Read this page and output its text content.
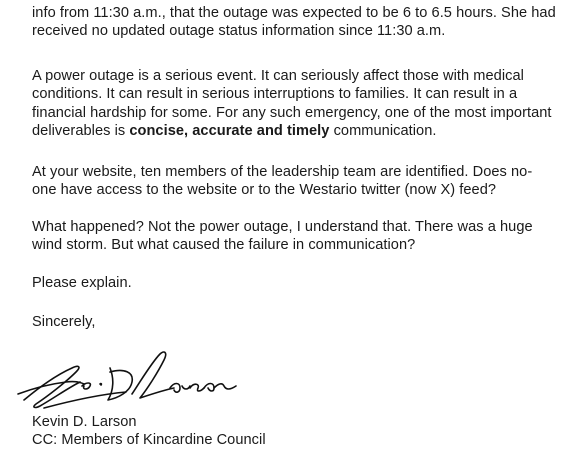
info from 11:30 a.m., that the outage was expected to be 6 to 6.5 hours. She had
received no updated outage status information since 11:30 a.m.
A power outage is a serious event. It can seriously affect those with medical
conditions. It can result in serious interruptions to families. It can result in a
financial hardship for some. For any such emergency, one of the most important
deliverables is concise, accurate and timely communication.
At your website, ten members of the leadership team are identified. Does no-
one have access to the website or to the Westario twitter (now X) feed?
What happened? Not the power outage, I understand that. There was a huge
wind storm. But what caused the failure in communication?
Please explain.
Sincerely,
Kevin D. Larson
CC: Members of Kincardine Council
